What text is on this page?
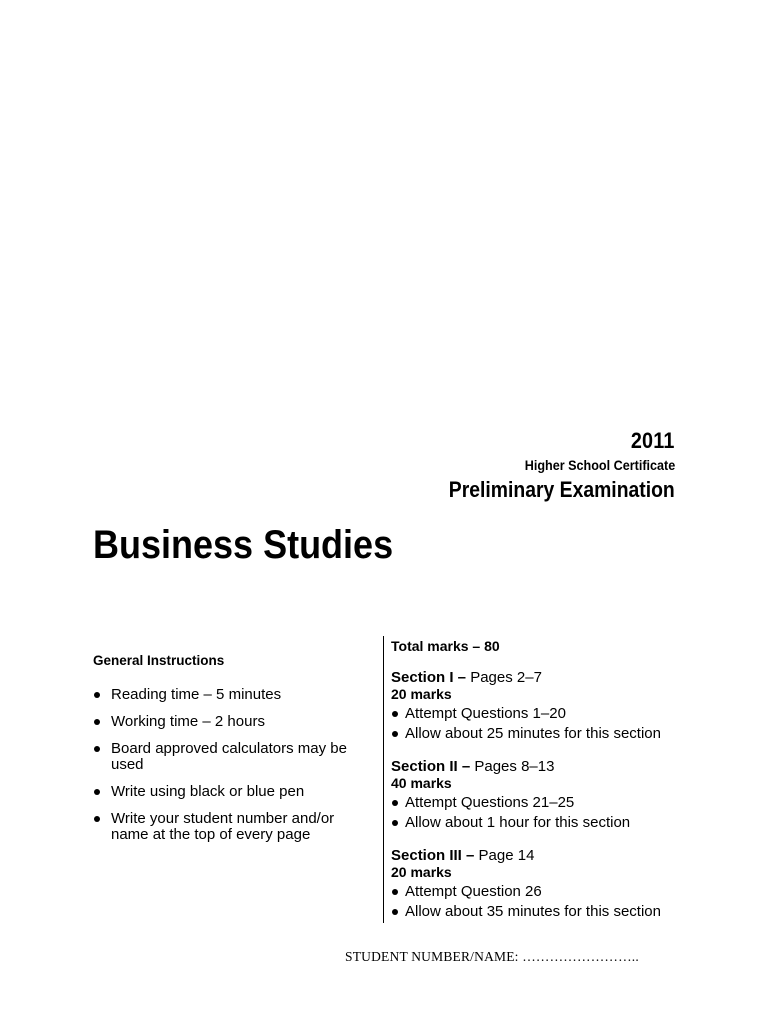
2011
Higher School Certificate
Preliminary Examination
Business Studies
General Instructions
Reading time – 5 minutes
Working time – 2 hours
Board approved calculators may be used
Write using black or blue pen
Write your student number and/or name at the top of every page
Total marks – 80
Section I – Pages 2–7
20 marks
Attempt Questions 1–20
Allow about 25 minutes for this section
Section II – Pages 8–13
40 marks
Attempt Questions 21–25
Allow about 1 hour for this section
Section III – Page 14
20 marks
Attempt Question 26
Allow about 35 minutes for this section
STUDENT NUMBER/NAME: ……………………..
